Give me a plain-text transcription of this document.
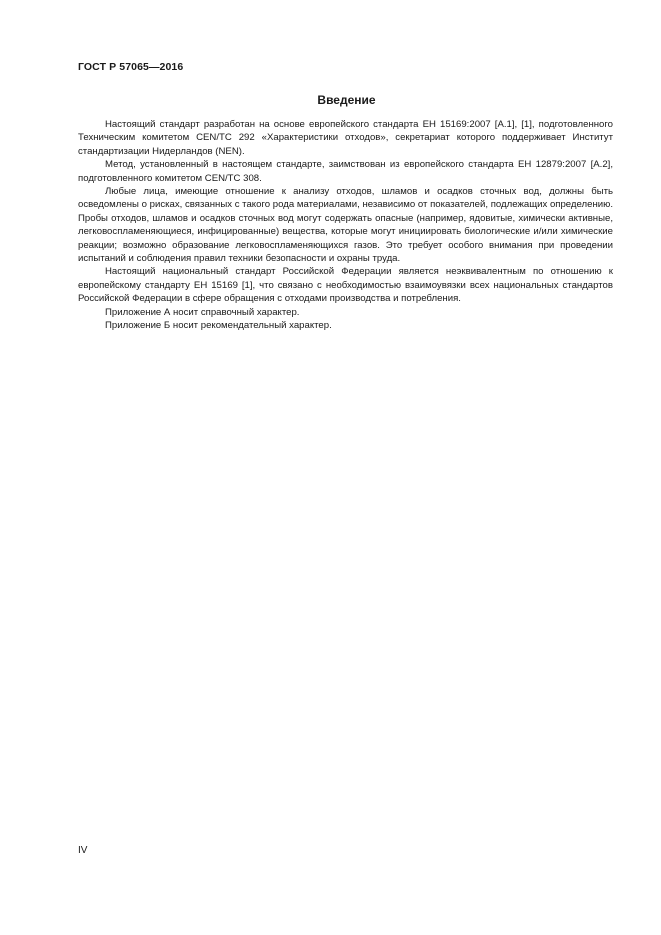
ГОСТ Р 57065—2016
Введение

Настоящий стандарт разработан на основе европейского стандарта ЕН 15169:2007 [А.1], [1], подготовленного Техническим комитетом CEN/TC 292 «Характеристики отходов», секретариат которого поддерживает Институт стандартизации Нидерландов (NEN).

Метод, установленный в настоящем стандарте, заимствован из европейского стандарта ЕН 12879:2007 [А.2], подготовленного комитетом CEN/TC 308.

Любые лица, имеющие отношение к анализу отходов, шламов и осадков сточных вод, должны быть осведомлены о рисках, связанных с такого рода материалами, независимо от показателей, подлежащих определению. Пробы отходов, шламов и осадков сточных вод могут содержать опасные (например, ядовитые, химически активные, легковоспламеняющиеся, инфицированные) вещества, которые могут инициировать биологические и/или химические реакции; возможно образование легковоспламеняющихся газов. Это требует особого внимания при проведении испытаний и соблюдения правил техники безопасности и охраны труда.

Настоящий национальный стандарт Российской Федерации является неэквивалентным по отношению к европейскому стандарту ЕН 15169 [1], что связано с необходимостью взаимоувязки всех национальных стандартов Российской Федерации в сфере обращения с отходами производства и потребления.

Приложение А носит справочный характер.

Приложение Б носит рекомендательный характер.

IV
